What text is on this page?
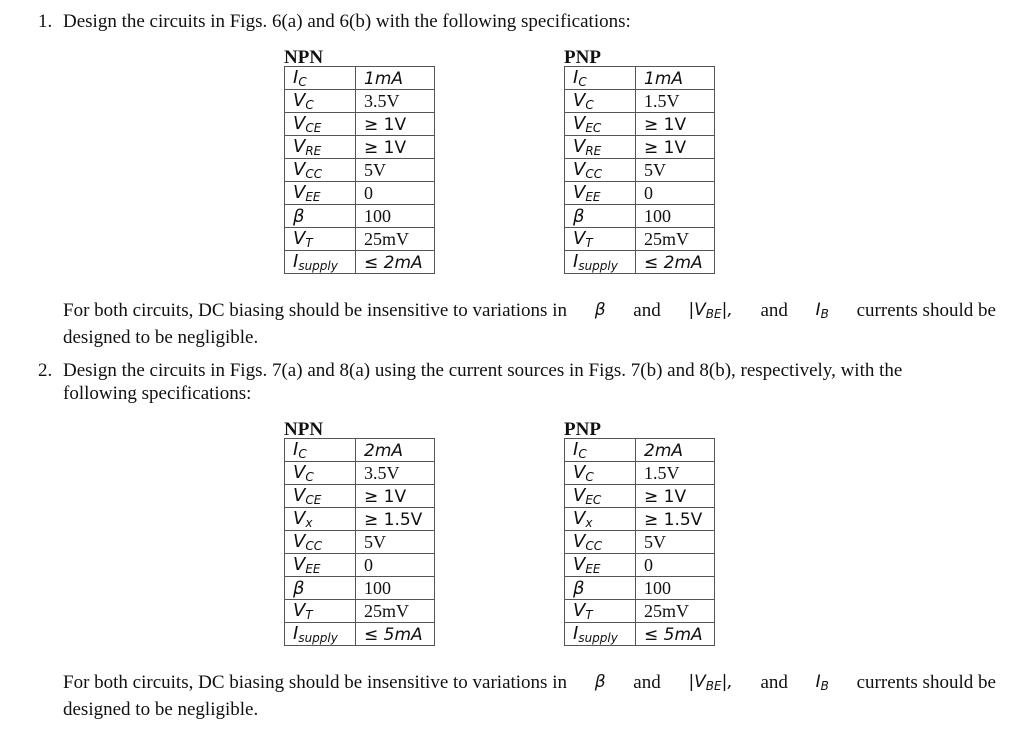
1. Design the circuits in Figs. 6(a) and 6(b) with the following specifications:
NPN
$I_C$	1mA
$V_C$	3.5V
$V_{CE}$	≥ 1V
$V_{RE}$	≥ 1V
$V_{CC}$	5V
$V_{EE}$	0
β	100
$V_T$	25mV
$I_{supply}$	≤ 2mA
PNP
$I_C$	1mA
$V_C$	1.5V
$V_{EC}$	≥ 1V
$V_{RE}$	≥ 1V
$V_{CC}$	5V
$V_{EE}$	0
β	100
$V_T$	25mV
$I_{supply}$	≤ 2mA
For both circuits, DC biasing should be insensitive to variations in β and $|V_{BE}|$, and $I_B$ currents should be
designed to be negligible.
2. Design the circuits in Figs. 7(a) and 8(a) using the current sources in Figs. 7(b) and 8(b), respectively, with the
following specifications:
NPN
$I_C$	2mA
$V_C$	3.5V
$V_{CE}$	≥ 1V
$V_x$	≥ 1.5V
$V_{CC}$	5V
$V_{EE}$	0
β	100
$V_T$	25mV
$I_{supply}$	≤ 5mA
PNP
$I_C$	2mA
$V_C$	1.5V
$V_{EC}$	≥ 1V
$V_x$	≥ 1.5V
$V_{CC}$	5V
$V_{EE}$	0
β	100
$V_T$	25mV
$I_{supply}$	≤ 5mA
For both circuits, DC biasing should be insensitive to variations in β and $|V_{BE}|$, and $I_B$ currents should be
designed to be negligible.
